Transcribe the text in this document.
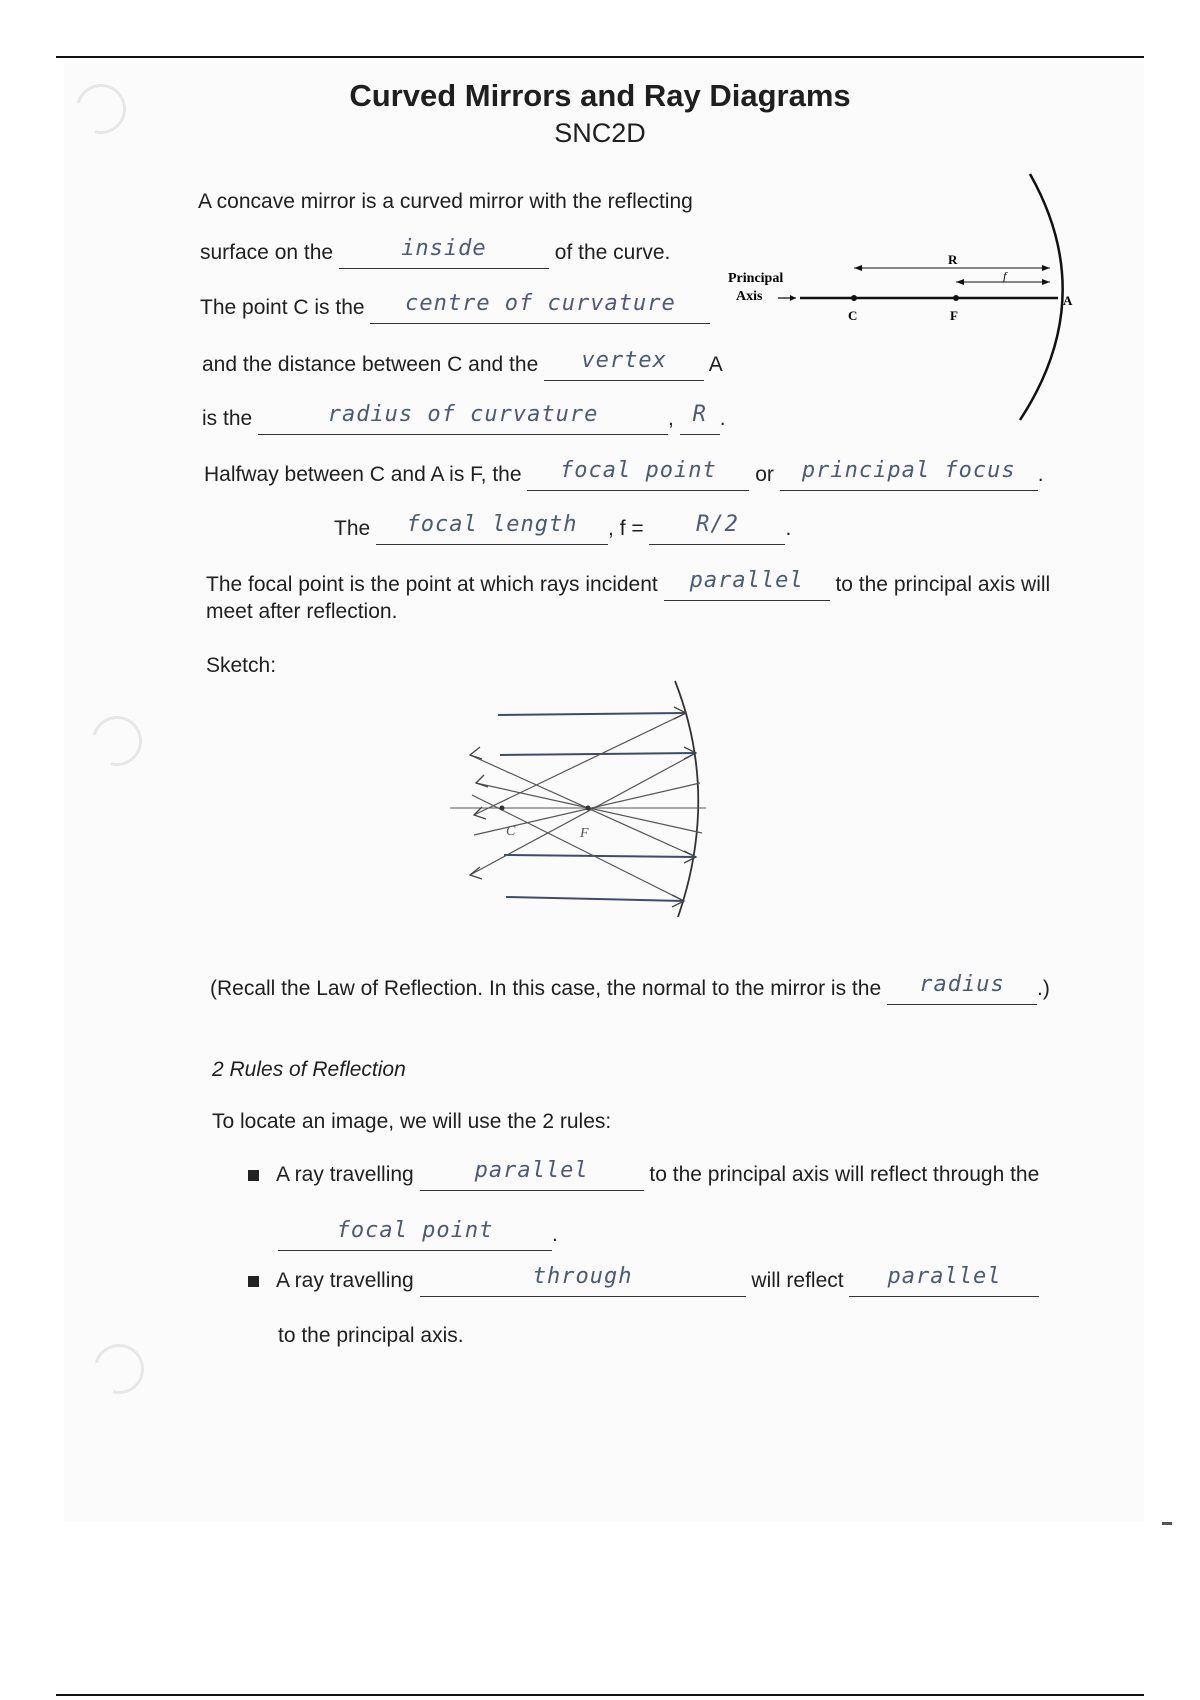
Curved Mirrors and Ray Diagrams
SNC2D
A concave mirror is a curved mirror with the reflecting
surface on the	inside	of the curve.
The point C is the centre of curvature
and the distance between C and the vertex A
is the	radius of curvature	, R .
Halfway between C and A is F, the focal point or principal focus .
The focal length , f = R/2 .
The focal point is the point at which rays incident parallel to the principal axis will
meet after reflection.
Sketch:
Principal
Axis
R
f
C	F
A
C	F
(Recall the Law of Reflection. In this case, the normal to the mirror is the radius .)
2 Rules of Reflection
To locate an image, we will use the 2 rules:
A ray travelling	parallel	to the principal axis will reflect through the
focal point	.
A ray travelling	through	will reflect parallel
to the principal axis.
